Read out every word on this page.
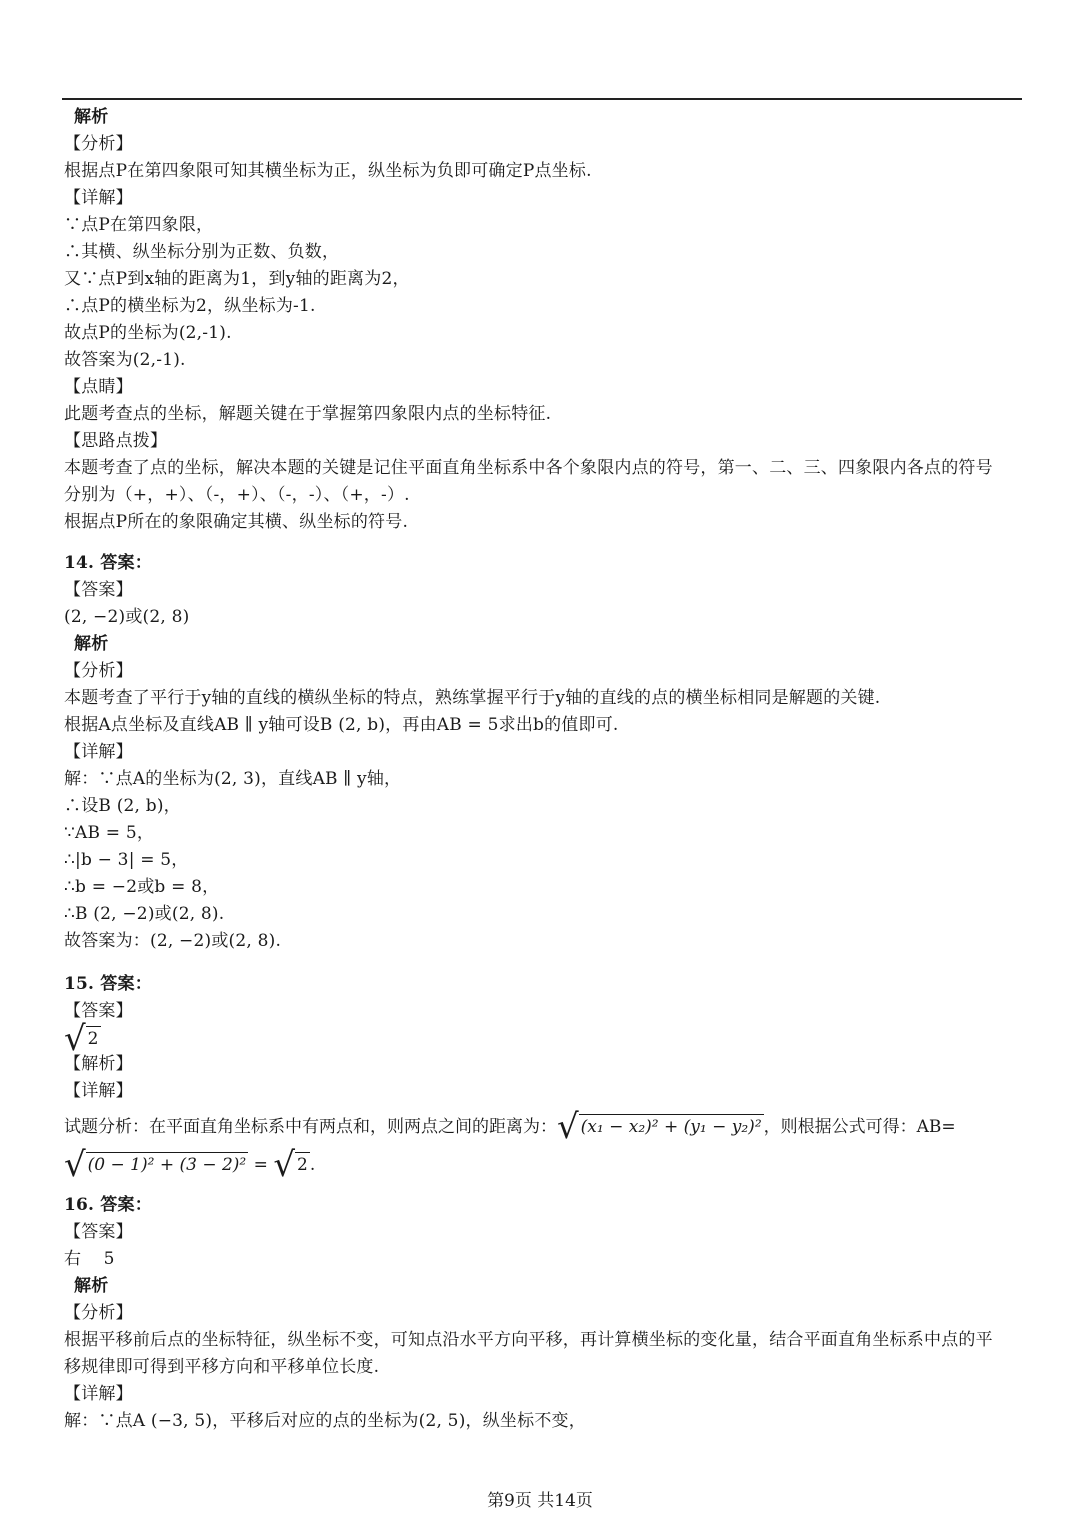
解析
【分析】
根据点P在第四象限可知其横坐标为正，纵坐标为负即可确定P点坐标.
【详解】
∵点P在第四象限，
∴其横、纵坐标分别为正数、负数，
又∵点P到x轴的距离为1，到y轴的距离为2，
∴点P的横坐标为2，纵坐标为-1.
故点P的坐标为(2,-1).
故答案为(2,-1).
【点睛】
此题考查点的坐标，解题关键在于掌握第四象限内点的坐标特征.
【思路点拨】
本题考查了点的坐标，解决本题的关键是记住平面直角坐标系中各个象限内点的符号，第一、二、三、四象限内各点的符号
分别为（+，+）、（-，+）、（-，-）、（+，-）.
根据点P所在的象限确定其横、纵坐标的符号.
14. 答案：
【答案】
(2, −2)或(2, 8)
解析
【分析】
本题考查了平行于y轴的直线的横纵坐标的特点，熟练掌握平行于y轴的直线的点的横坐标相同是解题的关键.
根据A点坐标及直线AB ∥ y轴可设B (2, b)，再由AB = 5求出b的值即可.
【详解】
解：∵点A的坐标为(2, 3)，直线AB ∥ y轴，
∴设B (2, b)，
∵AB = 5，
∴|b − 3| = 5，
∴b = −2或b = 8，
∴B (2, −2)或(2, 8).
故答案为：(2, −2)或(2, 8).
15. 答案：
【答案】
√ 2
【解析】
【详解】
试题分析：在平面直角坐标系中有两点和，则两点之间的距离为：√ (x₁ − x₂)² + (y₁ − y₂)² ，则根据公式可得：AB=
√ (0 − 1)² + (3 − 2)² = √ 2 .
16. 答案：
【答案】
右    5
解析
【分析】
根据平移前后点的坐标特征，纵坐标不变，可知点沿水平方向平移，再计算横坐标的变化量，结合平面直角坐标系中点的平
移规律即可得到平移方向和平移单位长度.
【详解】
解：∵点A (−3, 5)，平移后对应的点的坐标为(2, 5)，纵坐标不变，
第9页 共14页
